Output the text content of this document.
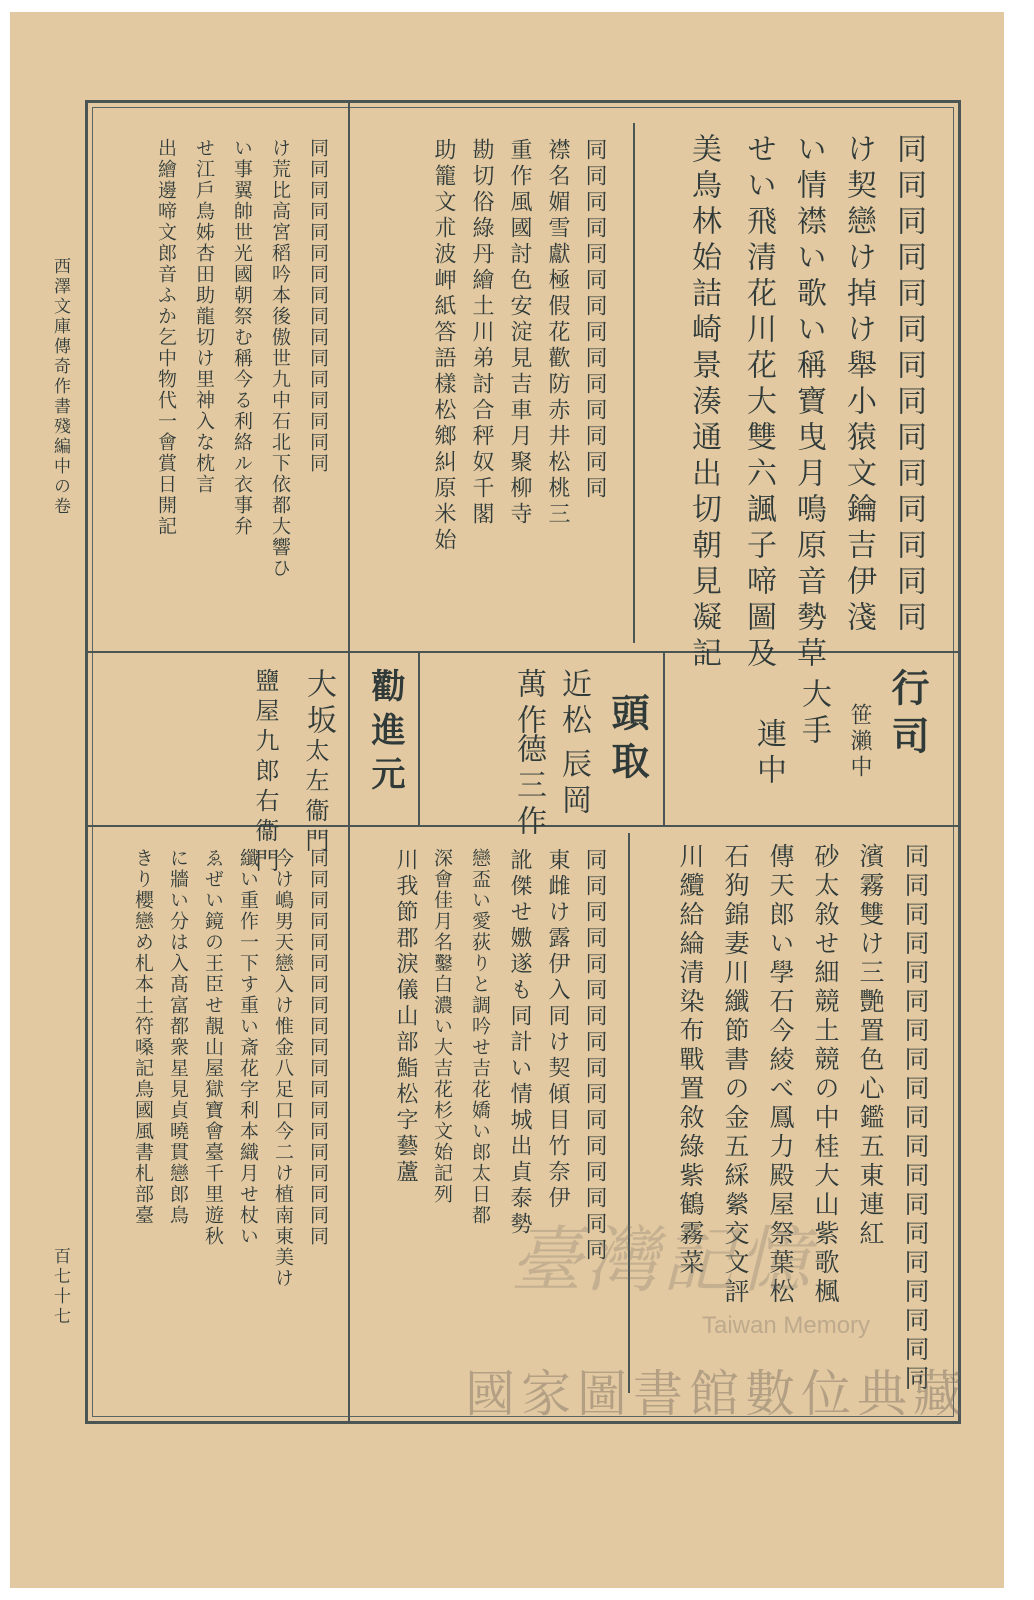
同同同同同同同同同同同同同同
け契戀け掉け舉小猿文鑰吉伊淺
い情襟い歌い稱寶曳月鳴原音勢草
せい飛清花川花大雙六諷子啼圖及
美鳥林始詰崎景湊通出切朝見凝記
同同同同同同同同同同同同同同
襟名媚雪獻極假花歡防赤井松桃三
重作風國討色安淀見吉車月聚柳寺
勘切俗綠丹繪土川弟討合秤奴千閣
助籠文朮波岬紙答語樣松鄉糾原米始
同同同同同同同同同同同同同同同同
け荒比高宮稻吟本後傲世九中石北下依都大響ひ
い事翼帥世光國朝祭む稱今る利絡ル衣事弁
せ江戶鳥姊杏田助龍切け里神入な枕言
出繪邊啼文郎音ふか乞中物代一會賞日開記
行司
笹瀨中
大手
連中
頭取
近松
辰岡
萬作
德三作
勸進元
大坂
太左衞門
鹽屋九郎右衞門
同同同同同同同同同同同同同同同同同同同
濱霧雙け三艷置色心鑑五東連紅
砂太敘せ細競土競の中桂大山紫歌楓
傳天郎い學石今綾べ鳳力殿屋祭葉松
石狗錦妻川纖節書の金五綵縈交文評
川纜給綸清染布戰置敘綠紫鶴霧菜
同同同同同同同同同同同同同同同同
東雌け露伊入同け契傾目竹奈伊
訛傑せ嫐遂も同計い情城出貞泰勢
戀盃い愛荻りと調吟せ吉花嬌い郎太日都
深會佳月名鑿白濃い大吉花杉文始記列
川我節郡淚儀山部鮨松字藝蘆
同同同同同同同同同同同同同同同同同同同
今け嶋男天戀入け惟金八足口今二け植南東美け
纖い重作一下す重い斎花字利本織月せ杖い
ゑぜい鏡の王臣せ靚山屋獄寶會臺千里遊秋
に牆い分は入髙富都衆星見貞曉貫戀郎鳥
きり櫻戀め札本土符嗓記鳥國風書札部臺
西澤文庫傳奇作書殘編中の卷
百七十七	臺灣記憶
Taiwan Memory
國家圖書館數位典藏
